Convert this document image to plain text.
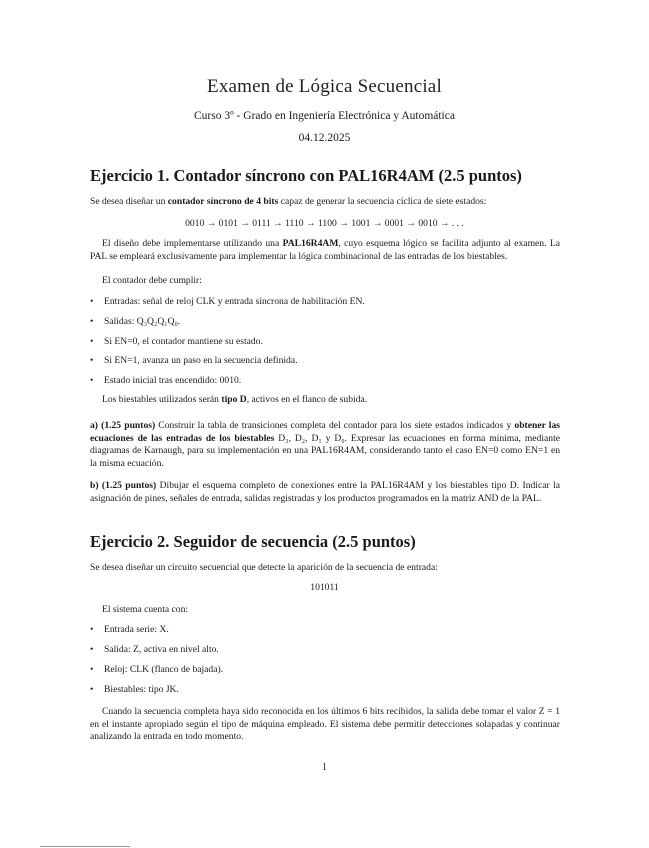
Examen de Lógica Secuencial
Curso 3º - Grado en Ingeniería Electrónica y Automática
04.12.2025
Ejercicio 1. Contador síncrono con PAL16R4AM (2.5 puntos)

Se desea diseñar un contador síncrono de 4 bits capaz de generar la secuencia cíclica de siete estados:

0010 → 0101 → 0111 → 1110 → 1100 → 1001 → 0001 → 0010 → . . .

El diseño debe implementarse utilizando una PAL16R4AM, cuyo esquema lógico se facilita adjunto al examen. La PAL se empleará exclusivamente para implementar la lógica combinacional de las entradas de los biestables.

El contador debe cumplir:

• Entradas: señal de reloj CLK y entrada síncrona de habilitación EN.
• Salidas: Q₃Q₂Q₁Q₀.
• Si EN=0, el contador mantiene su estado.
• Si EN=1, avanza un paso en la secuencia definida.
• Estado inicial tras encendido: 0010.

Los biestables utilizados serán tipo D, activos en el flanco de subida.

a) (1.25 puntos) Construir la tabla de transiciones completa del contador para los siete estados indicados y obtener las ecuaciones de las entradas de los biestables D₃, D₂, D₁ y D₀. Expresar las ecuaciones en forma mínima, mediante diagramas de Karnaugh, para su implementación en una PAL16R4AM, considerando tanto el caso EN=0 como EN=1 en la misma ecuación.

b) (1.25 puntos) Dibujar el esquema completo de conexiones entre la PAL16R4AM y los biestables tipo D. Indicar la asignación de pines, señales de entrada, salidas registradas y los productos programados en la matriz AND de la PAL.

Ejercicio 2. Seguidor de secuencia (2.5 puntos)

Se desea diseñar un circuito secuencial que detecte la aparición de la secuencia de entrada:

101011

El sistema cuenta con:

• Entrada serie: X.
• Salida: Z, activa en nivel alto.
• Reloj: CLK (flanco de bajada).
• Biestables: tipo JK.

Cuando la secuencia completa haya sido reconocida en los últimos 6 bits recibidos, la salida debe tomar el valor Z = 1 en el instante apropiado según el tipo de máquina empleado. El sistema debe permitir detecciones solapadas y continuar analizando la entrada en todo momento.

1
